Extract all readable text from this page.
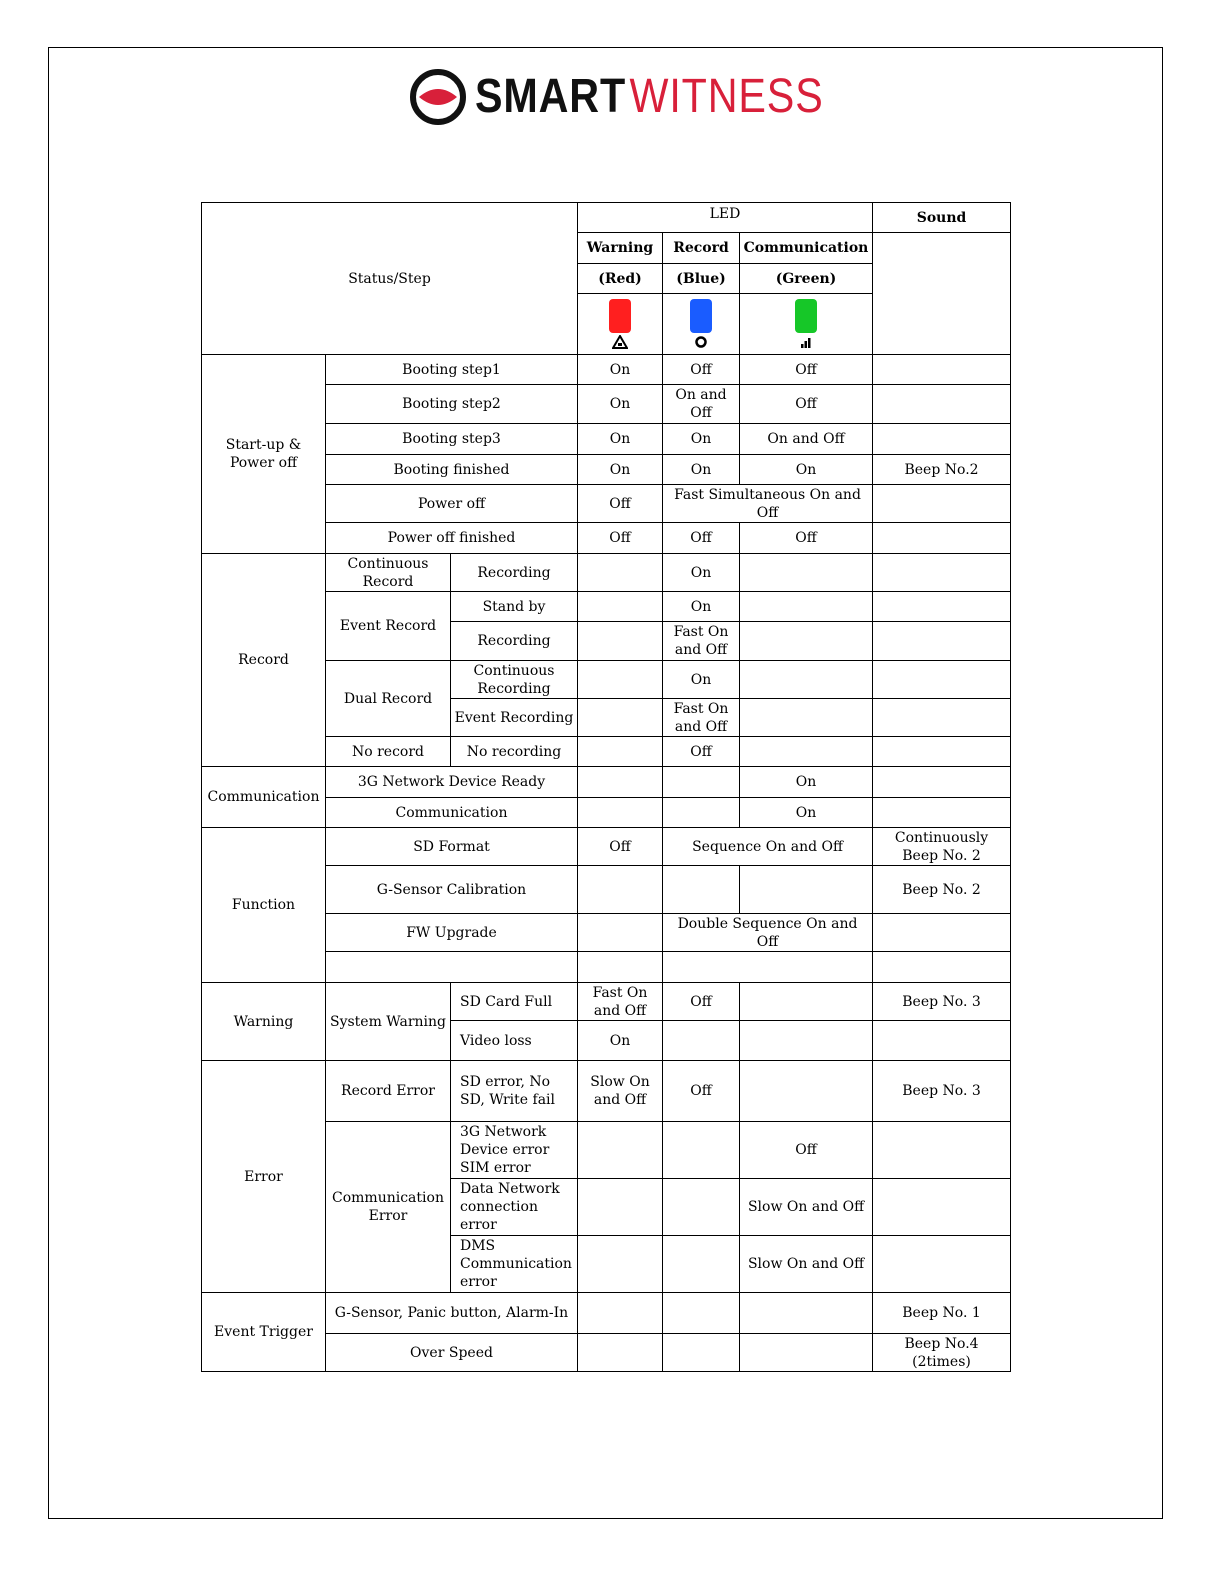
SMARTWITNESS
Status/Step			LED			Sound
			Warning	Record	Communication	
			(Red)	(Blue)	(Green)	

Start-up & Power off	Booting step1		On	Off	Off	
	Booting step2		On	On and Off	Off	
	Booting step3		On	On	On and Off	
	Booting finished		On	On	On	Beep No.2
	Power off		Off	Fast Simultaneous On and Off		
	Power off finished		Off	Off	Off	
Record	Continuous Record	Recording		On		
	Event Record	Stand by		On		
		Recording		Fast On and Off		
	Dual Record	Continuous Recording		On		
		Event Recording		Fast On and Off		
	No record	No recording		Off		
Communication	3G Network Device Ready				On	
	Communication				On	
Function	SD Format		Off	Sequence On and Off		Continuously Beep No. 2
	G-Sensor Calibration					Beep No. 2
	FW Upgrade			Double Sequence On and Off		

Warning	System Warning	SD Card Full	Fast On and Off	Off		Beep No. 3
		Video loss	On			
Error	Record Error	SD error, No SD, Write fail	Slow On and Off	Off		Beep No. 3
	Communication Error	3G Network Device error SIM error			Off	
		Data Network connection error			Slow On and Off	
		DMS Communication error			Slow On and Off	
Event Trigger	G-Sensor, Panic button, Alarm-In					Beep No. 1
	Over Speed					Beep No.4 (2times)
